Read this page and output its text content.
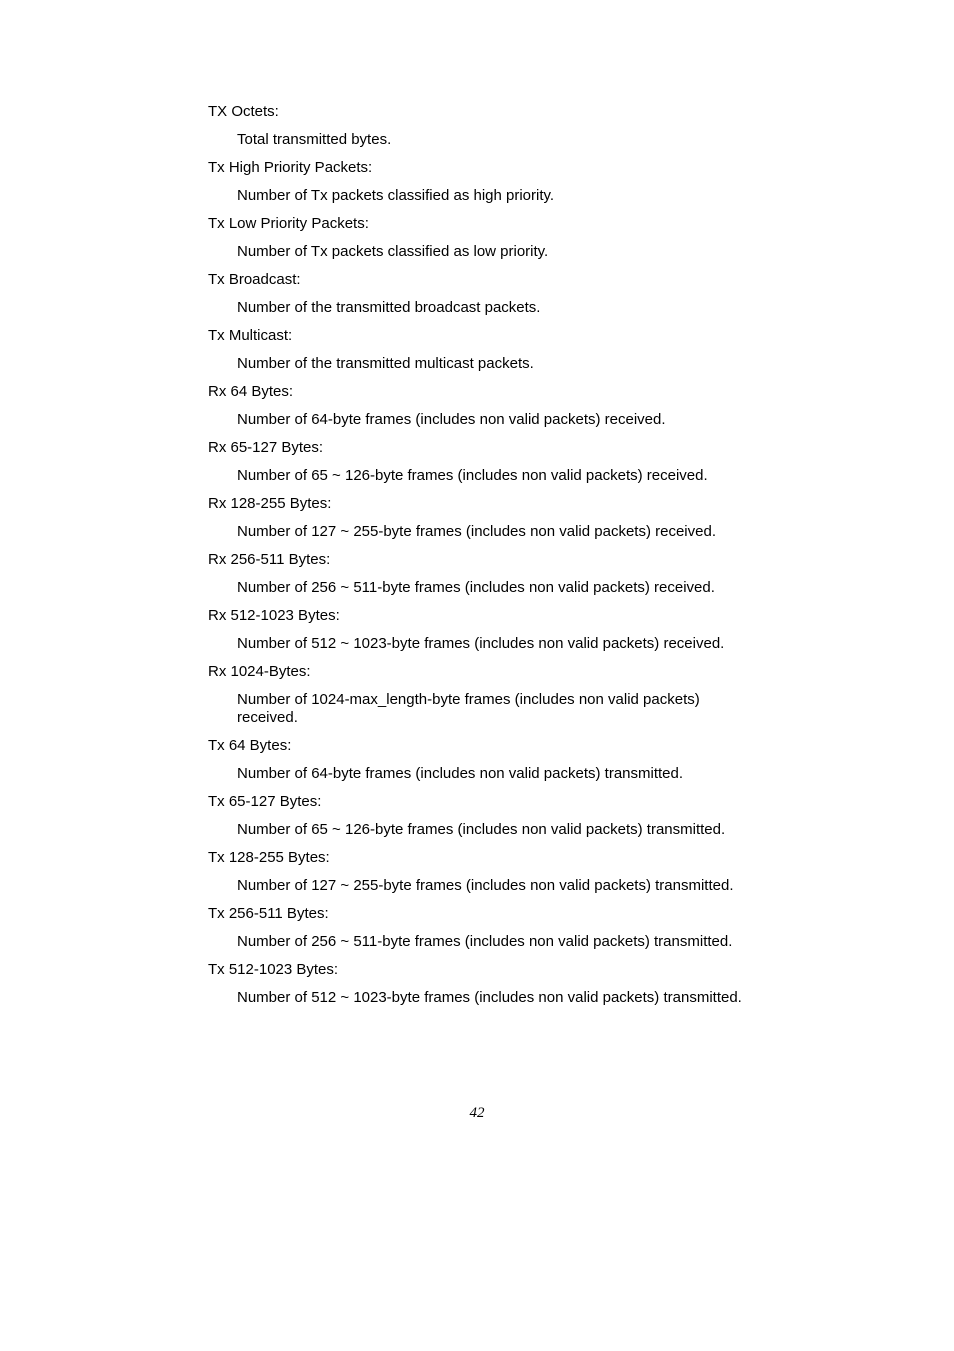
TX Octets:

Total transmitted bytes.

Tx High Priority Packets:

Number of Tx packets classified as high priority.

Tx Low Priority Packets:

Number of Tx packets classified as low priority.

Tx Broadcast:

Number of the transmitted broadcast packets.

Tx Multicast:

Number of the transmitted multicast packets.

Rx 64 Bytes:

Number of 64-byte frames (includes non valid packets) received.

Rx 65-127 Bytes:

Number of 65 ~ 126-byte frames (includes non valid packets) received.

Rx 128-255 Bytes:

Number of 127 ~ 255-byte frames (includes non valid packets) received.

Rx 256-511 Bytes:

Number of 256 ~ 511-byte frames (includes non valid packets) received.

Rx 512-1023 Bytes:

Number of 512 ~ 1023-byte frames (includes non valid packets) received.

Rx 1024-Bytes:

Number of 1024-max_length-byte frames (includes non valid packets) received.

Tx 64 Bytes:

Number of 64-byte frames (includes non valid packets) transmitted.

Tx 65-127 Bytes:

Number of 65 ~ 126-byte frames (includes non valid packets) transmitted.

Tx 128-255 Bytes:

Number of 127 ~ 255-byte frames (includes non valid packets) transmitted.

Tx 256-511 Bytes:

Number of 256 ~ 511-byte frames (includes non valid packets) transmitted.

Tx 512-1023 Bytes:

Number of 512 ~ 1023-byte frames (includes non valid packets) transmitted.

42
